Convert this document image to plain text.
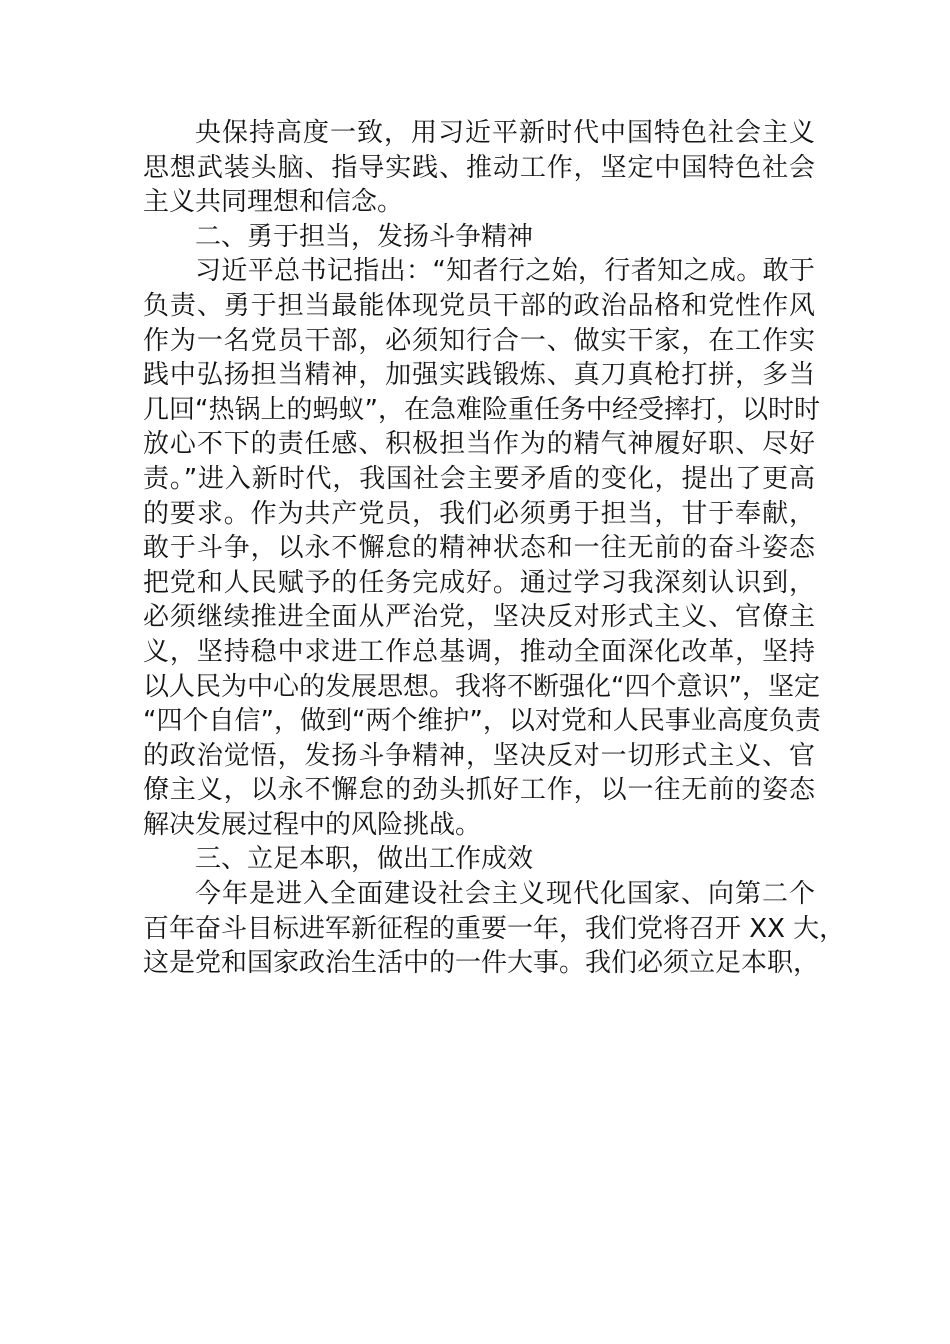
央保持高度一致，用习近平新时代中国特色社会主义
思想武装头脑、指导实践、推动工作，坚定中国特色社会
主义共同理想和信念。
二、勇于担当，发扬斗争精神
习近平总书记指出：“知者行之始，行者知之成。敢于
负责、勇于担当最能体现党员干部的政治品格和党性作风
作为一名党员干部，必须知行合一、做实干家，在工作实
践中弘扬担当精神，加强实践锻炼、真刀真枪打拼，多当
几回“热锅上的蚂蚁”，在急难险重任务中经受摔打，以时时
放心不下的责任感、积极担当作为的精气神履好职、尽好
责。”进入新时代，我国社会主要矛盾的变化，提出了更高
的要求。作为共产党员，我们必须勇于担当，甘于奉献，
敢于斗争，以永不懈怠的精神状态和一往无前的奋斗姿态
把党和人民赋予的任务完成好。通过学习我深刻认识到，
必须继续推进全面从严治党，坚决反对形式主义、官僚主
义，坚持稳中求进工作总基调，推动全面深化改革，坚持
以人民为中心的发展思想。我将不断强化“四个意识”，坚定
“四个自信”，做到“两个维护”，以对党和人民事业高度负责
的政治觉悟，发扬斗争精神，坚决反对一切形式主义、官
僚主义，以永不懈怠的劲头抓好工作，以一往无前的姿态
解决发展过程中的风险挑战。
三、立足本职，做出工作成效
今年是进入全面建设社会主义现代化国家、向第二个
百年奋斗目标进军新征程的重要一年，我们党将召开 XX 大，
这是党和国家政治生活中的一件大事。我们必须立足本职，
